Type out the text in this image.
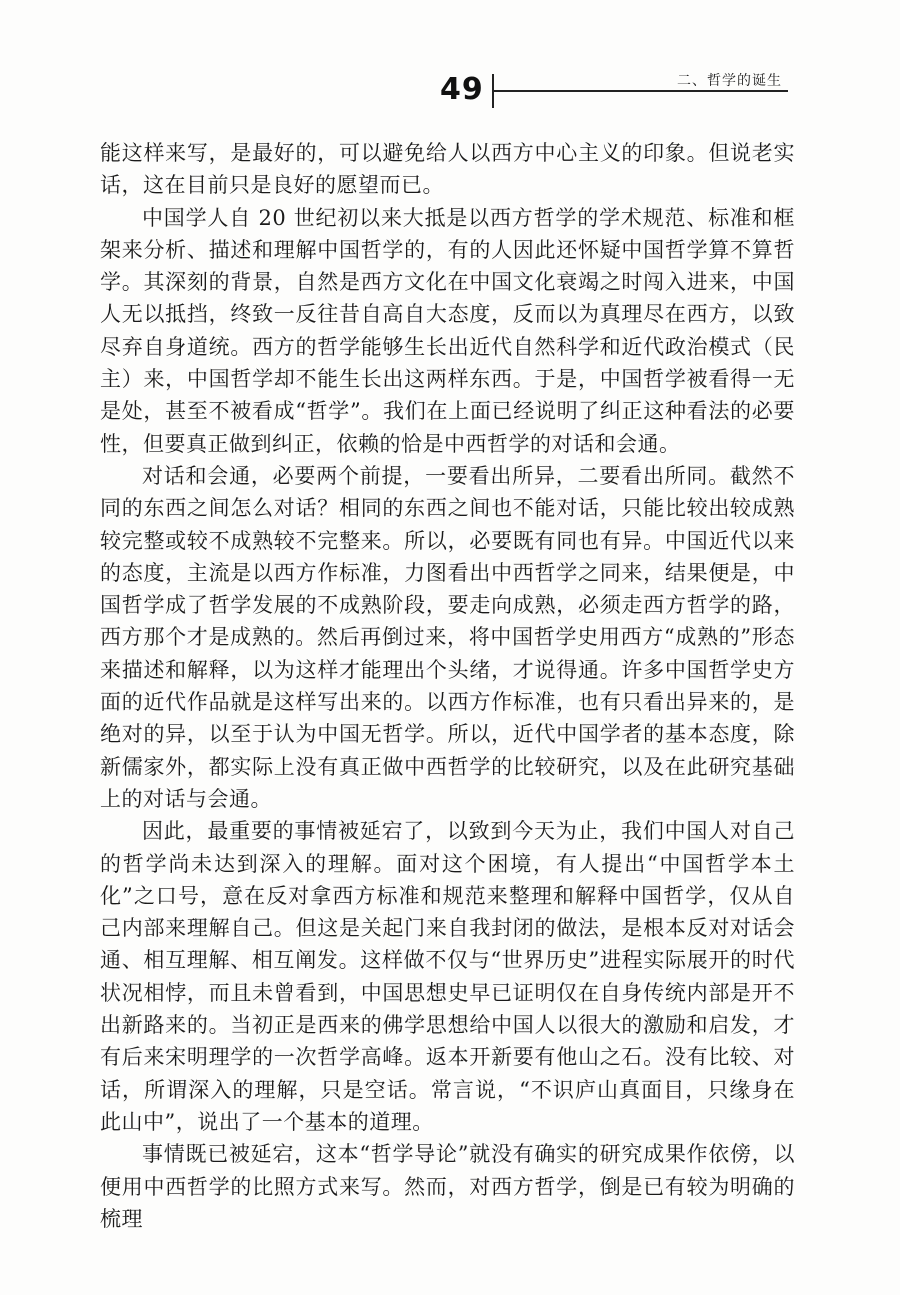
49	二、哲学的诞生

能这样来写，是最好的，可以避免给人以西方中心主义的印象。但说老实话，这在目前只是良好的愿望而已。

中国学人自 20 世纪初以来大抵是以西方哲学的学术规范、标准和框架来分析、描述和理解中国哲学的，有的人因此还怀疑中国哲学算不算哲学。其深刻的背景，自然是西方文化在中国文化衰竭之时闯入进来，中国人无以抵挡，终致一反往昔自高自大态度，反而以为真理尽在西方，以致尽弃自身道统。西方的哲学能够生长出近代自然科学和近代政治模式（民主）来，中国哲学却不能生长出这两样东西。于是，中国哲学被看得一无是处，甚至不被看成“哲学”。我们在上面已经说明了纠正这种看法的必要性，但要真正做到纠正，依赖的恰是中西哲学的对话和会通。

对话和会通，必要两个前提，一要看出所异，二要看出所同。截然不同的东西之间怎么对话？相同的东西之间也不能对话，只能比较出较成熟较完整或较不成熟较不完整来。所以，必要既有同也有异。中国近代以来的态度，主流是以西方作标准，力图看出中西哲学之同来，结果便是，中国哲学成了哲学发展的不成熟阶段，要走向成熟，必须走西方哲学的路，西方那个才是成熟的。然后再倒过来，将中国哲学史用西方“成熟的”形态来描述和解释，以为这样才能理出个头绪，才说得通。许多中国哲学史方面的近代作品就是这样写出来的。以西方作标准，也有只看出异来的，是绝对的异，以至于认为中国无哲学。所以，近代中国学者的基本态度，除新儒家外，都实际上没有真正做中西哲学的比较研究，以及在此研究基础上的对话与会通。

因此，最重要的事情被延宕了，以致到今天为止，我们中国人对自己的哲学尚未达到深入的理解。面对这个困境，有人提出“中国哲学本土化”之口号，意在反对拿西方标准和规范来整理和解释中国哲学，仅从自己内部来理解自己。但这是关起门来自我封闭的做法，是根本反对对话会通、相互理解、相互阐发。这样做不仅与“世界历史”进程实际展开的时代状况相悖，而且未曾看到，中国思想史早已证明仅在自身传统内部是开不出新路来的。当初正是西来的佛学思想给中国人以很大的激励和启发，才有后来宋明理学的一次哲学高峰。返本开新要有他山之石。没有比较、对话，所谓深入的理解，只是空话。常言说，“不识庐山真面目，只缘身在此山中”，说出了一个基本的道理。

事情既已被延宕，这本“哲学导论”就没有确实的研究成果作依傍，以便用中西哲学的比照方式来写。然而，对西方哲学，倒是已有较为明确的梳理
